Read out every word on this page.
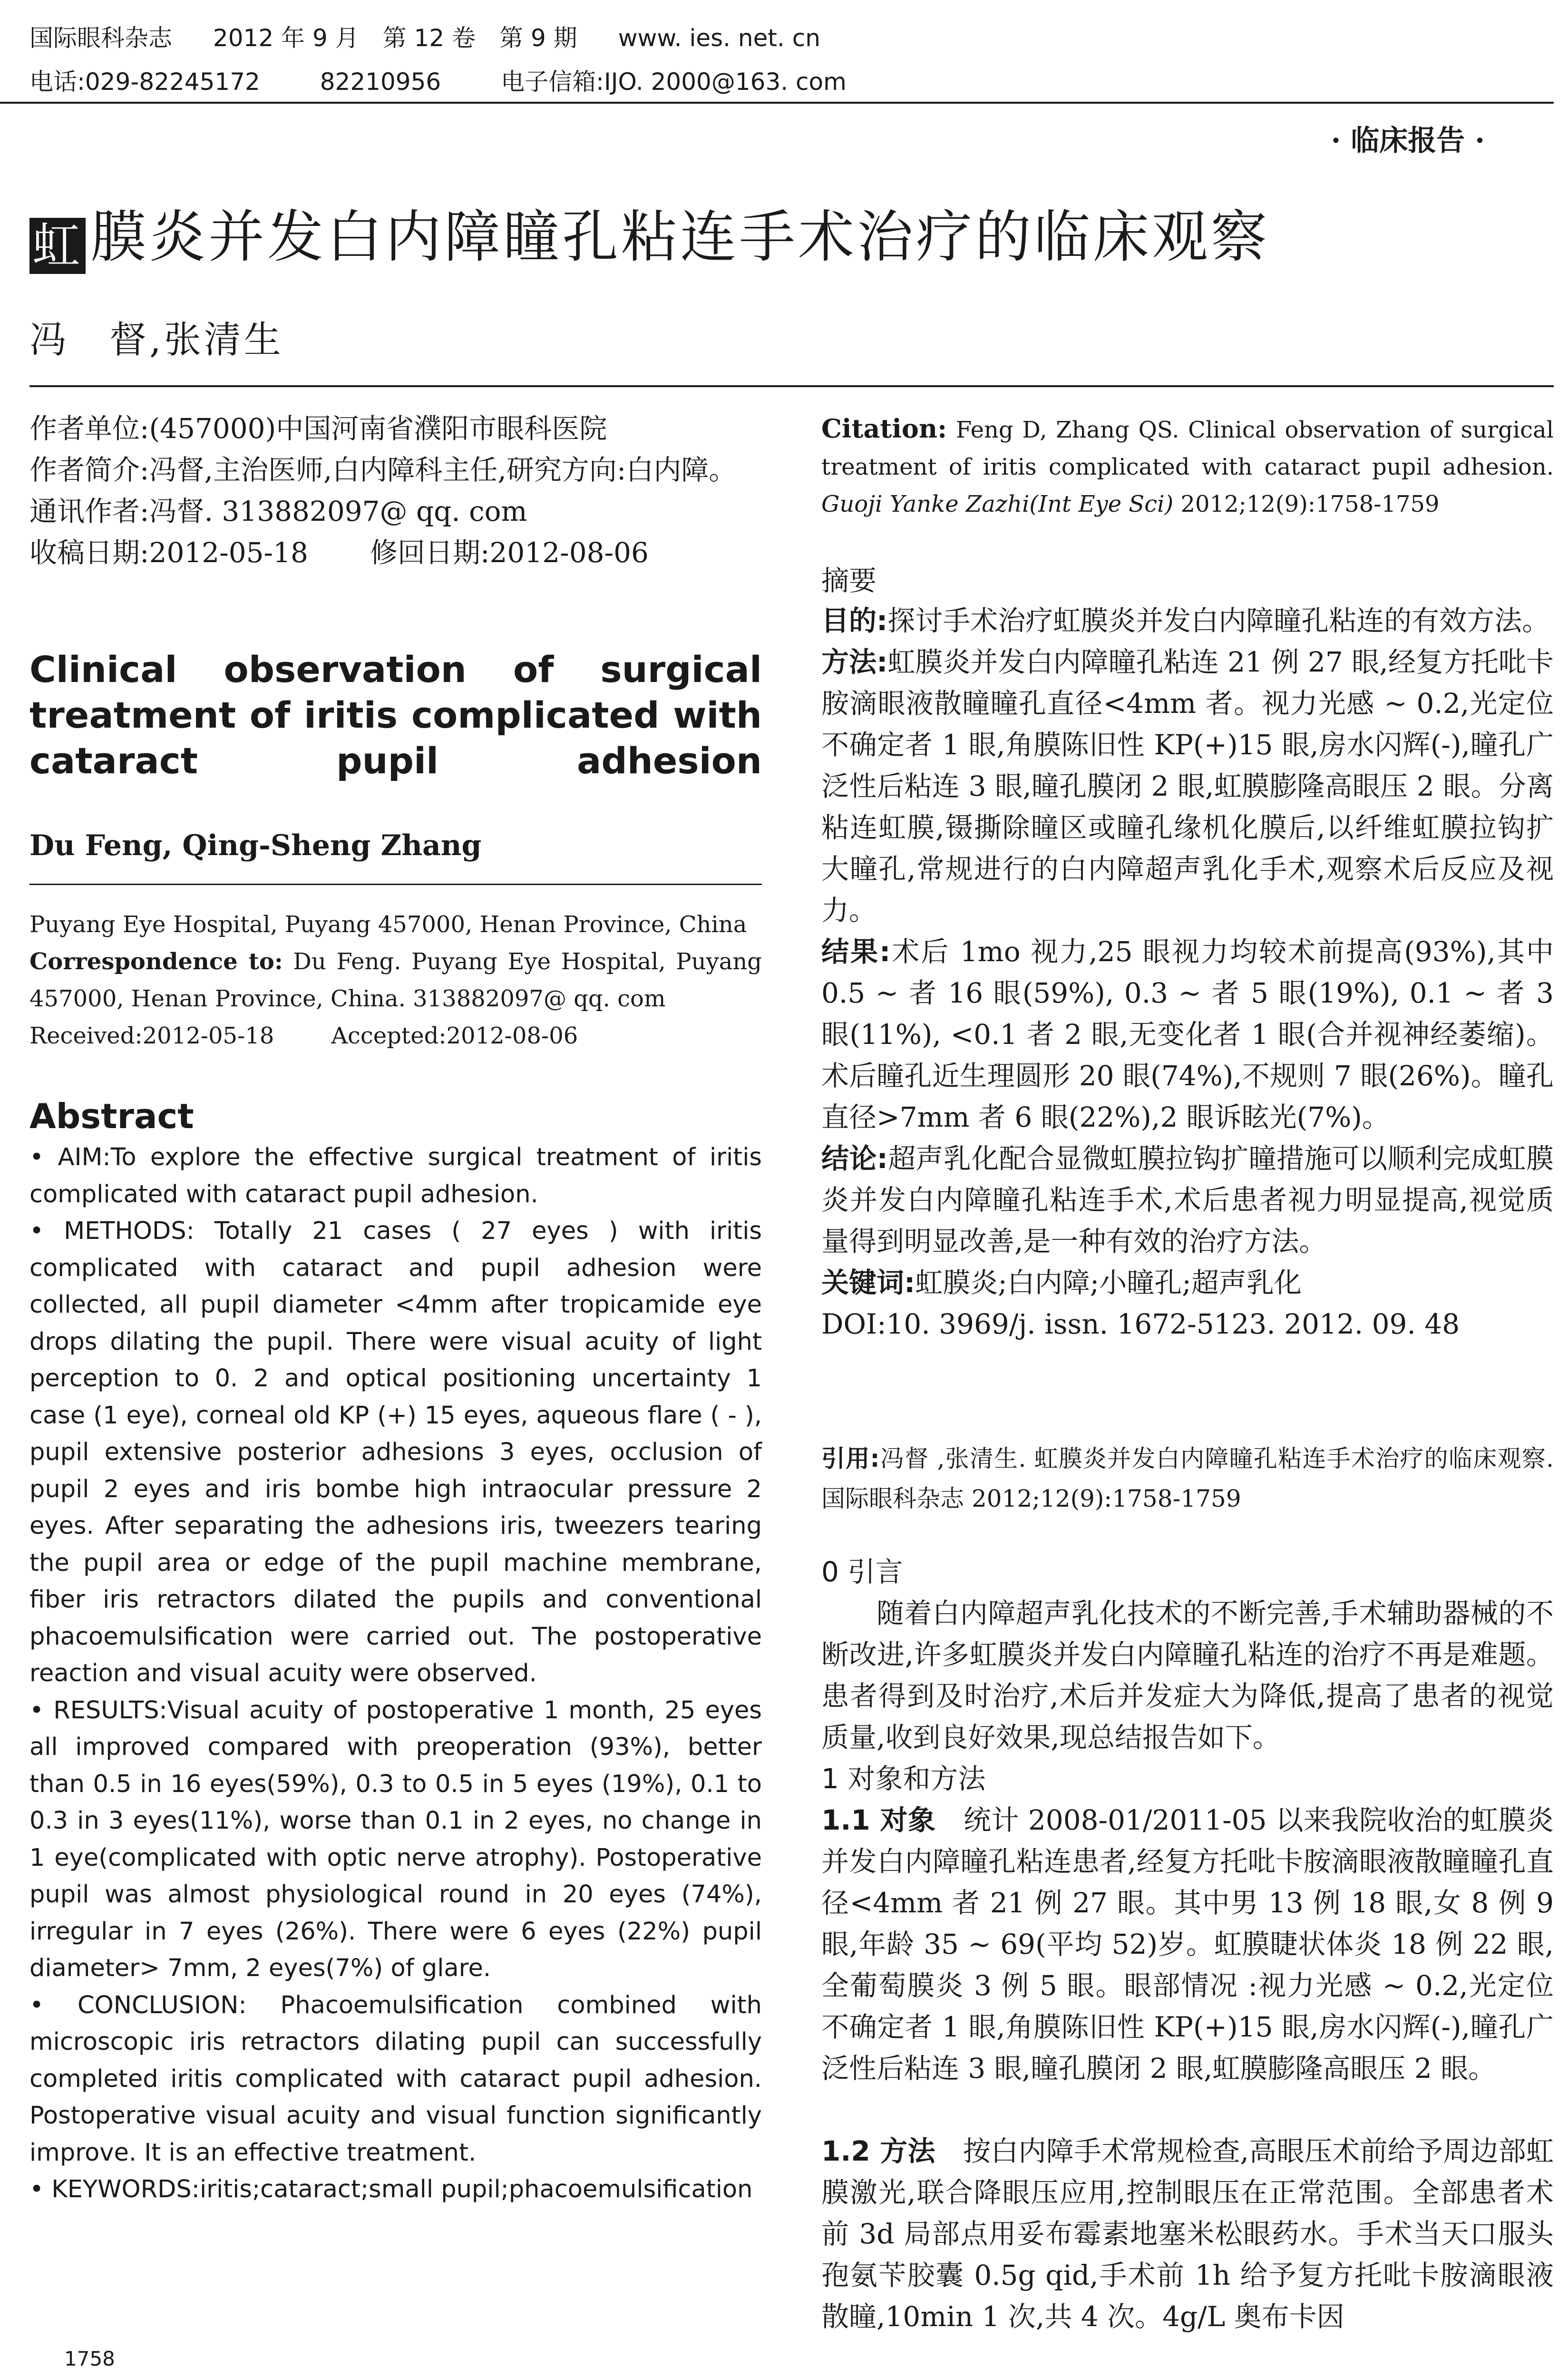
国际眼科杂志 2012 年 9 月　第 12 卷　第 9 期 www. ies. net. cn
电话:029-82245172	82210956	电子信箱:IJO. 2000@163. com
· 临床报告 ·
虹 膜炎并发白内障瞳孔粘连手术治疗的临床观察
冯　督,张清生

作者单位:(457000)中国河南省濮阳市眼科医院

作者简介:冯督,主治医师,白内障科主任,研究方向:白内障。

通讯作者:冯督. 313882097@ qq. com

收稿日期:2012-05-18 修回日期:2012-08-06

Clinical observation of surgical treatment of iritis complicated with cataract pupil adhesion
Du Feng, Qing-Sheng Zhang

Puyang Eye Hospital, Puyang 457000, Henan Province, China

Correspondence to: Du Feng. Puyang Eye Hospital, Puyang 457000, Henan Province, China. 313882097@ qq. com

Received:2012-05-18	Accepted:2012-08-06

Abstract

• AIM:To explore the effective surgical treatment of iritis complicated with cataract pupil adhesion.

• METHODS: Totally 21 cases ( 27 eyes ) with iritis complicated with cataract and pupil adhesion were collected, all pupil diameter <4mm after tropicamide eye drops dilating the pupil. There were visual acuity of light perception to 0. 2 and optical positioning uncertainty 1 case (1 eye), corneal old KP (+) 15 eyes, aqueous flare ( - ), pupil extensive posterior adhesions 3 eyes, occlusion of pupil 2 eyes and iris bombe high intraocular pressure 2 eyes. After separating the adhesions iris, tweezers tearing the pupil area or edge of the pupil machine membrane, fiber iris retractors dilated the pupils and conventional phacoemulsification were carried out. The postoperative reaction and visual acuity were observed.

• RESULTS:Visual acuity of postoperative 1 month, 25 eyes all improved compared with preoperation (93%), better than 0.5 in 16 eyes(59%), 0.3 to 0.5 in 5 eyes (19%), 0.1 to 0.3 in 3 eyes(11%), worse than 0.1 in 2 eyes, no change in 1 eye(complicated with optic nerve atrophy). Postoperative pupil was almost physiological round in 20 eyes (74%), irregular in 7 eyes (26%). There were 6 eyes (22%) pupil diameter> 7mm, 2 eyes(7%) of glare.

• CONCLUSION: Phacoemulsification combined with microscopic iris retractors dilating pupil can successfully completed iritis complicated with cataract pupil adhesion. Postoperative visual acuity and visual function significantly improve. It is an effective treatment.

• KEYWORDS:iritis;cataract;small pupil;phacoemulsification

1758
Citation: Feng D, Zhang QS. Clinical observation of surgical treatment of iritis complicated with cataract pupil adhesion. Guoji Yanke Zazhi(Int Eye Sci) 2012;12(9):1758-1759
摘要

目的:探讨手术治疗虹膜炎并发白内障瞳孔粘连的有效方法。

方法:虹膜炎并发白内障瞳孔粘连 21 例 27 眼,经复方托吡卡胺滴眼液散瞳瞳孔直径<4mm 者。视力光感 ~ 0.2,光定位不确定者 1 眼,角膜陈旧性 KP(+)15 眼,房水闪辉(-),瞳孔广泛性后粘连 3 眼,瞳孔膜闭 2 眼,虹膜膨隆高眼压 2 眼。分离粘连虹膜,镊撕除瞳区或瞳孔缘机化膜后,以纤维虹膜拉钩扩大瞳孔,常规进行的白内障超声乳化手术,观察术后反应及视力。

结果:术后 1mo 视力,25 眼视力均较术前提高(93%),其中 0.5 ~ 者 16 眼(59%), 0.3 ~ 者 5 眼(19%), 0.1 ~ 者 3 眼(11%), <0.1 者 2 眼,无变化者 1 眼(合并视神经萎缩)。术后瞳孔近生理圆形 20 眼(74%),不规则 7 眼(26%)。瞳孔直径>7mm 者 6 眼(22%),2 眼诉眩光(7%)。

结论:超声乳化配合显微虹膜拉钩扩瞳措施可以顺利完成虹膜炎并发白内障瞳孔粘连手术,术后患者视力明显提高,视觉质量得到明显改善,是一种有效的治疗方法。

关键词:虹膜炎;白内障;小瞳孔;超声乳化

DOI:10. 3969/j. issn. 1672-5123. 2012. 09. 48

引用:冯督 ,张清生. 虹膜炎并发白内障瞳孔粘连手术治疗的临床观察. 国际眼科杂志 2012;12(9):1758-1759
0 引言
随着白内障超声乳化技术的不断完善,手术辅助器械的不断改进,许多虹膜炎并发白内障瞳孔粘连的治疗不再是难题。患者得到及时治疗,术后并发症大为降低,提高了患者的视觉质量,收到良好效果,现总结报告如下。
1 对象和方法
1.1 对象　统计 2008-01/2011-05 以来我院收治的虹膜炎并发白内障瞳孔粘连患者,经复方托吡卡胺滴眼液散瞳瞳孔直径<4mm 者 21 例 27 眼。其中男 13 例 18 眼,女 8 例 9 眼,年龄 35 ~ 69(平均 52)岁。虹膜睫状体炎 18 例 22 眼,全葡萄膜炎 3 例 5 眼。眼部情况 :视力光感 ~ 0.2,光定位不确定者 1 眼,角膜陈旧性 KP(+)15 眼,房水闪辉(-),瞳孔广泛性后粘连 3 眼,瞳孔膜闭 2 眼,虹膜膨隆高眼压 2 眼。
1.2 方法　按白内障手术常规检查,高眼压术前给予周边部虹膜激光,联合降眼压应用,控制眼压在正常范围。全部患者术前 3d 局部点用妥布霉素地塞米松眼药水。手术当天口服头孢氨苄胶囊 0.5g qid,手术前 1h 给予复方托吡卡胺滴眼液散瞳,10min 1 次,共 4 次。4g/L 奥布卡因
